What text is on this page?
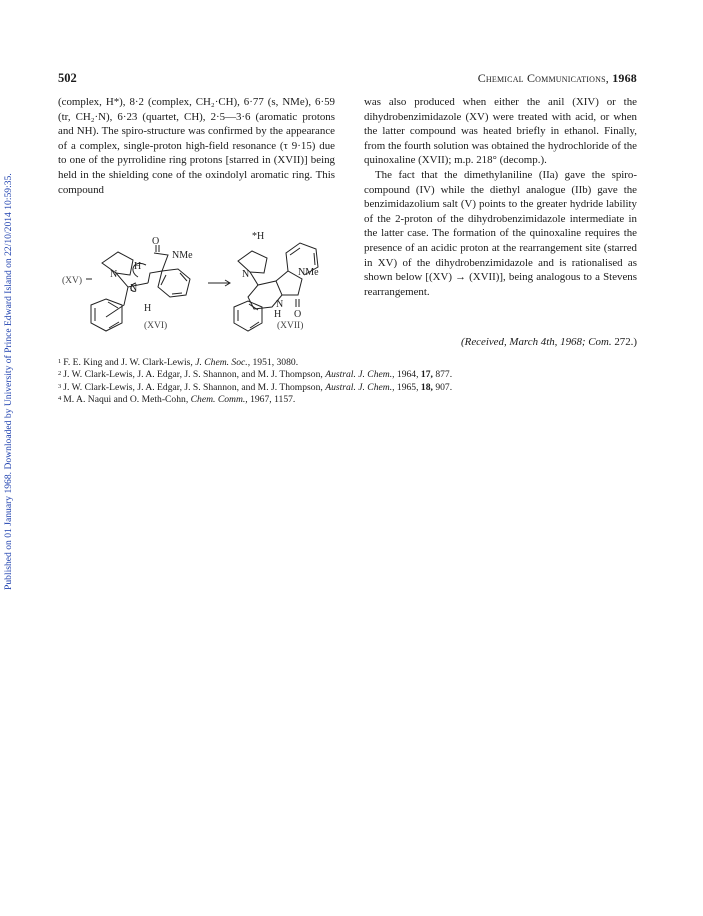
Published on 01 January 1968. Downloaded by University of Prince Edward Island on 22/10/2014 10:59:35.
502	Chemical Communications, 1968

(complex, H*), 8·2 (complex, CH₂·CH), 6·77 (s, NMe), 6·59 (tr, CH₂·N), 6·23 (quartet, CH), 2·5—3·6 (aromatic protons and NH). The spiro-structure was confirmed by the appearance of a complex, single-proton high-field resonance (τ 9·15) due to one of the pyrrolidine ring protons [starred in (XVII)] being held in the shielding cone of the oxindolyl aromatic ring. This compound

O
NMe
N
H
N
H
*H
N	NMe
N
H O
(XV)
(XVI)	(XVII)

was also produced when either the anil (XIV) or the dihydrobenzimidazole (XV) were treated with acid, or when the latter compound was heated briefly in ethanol. Finally, from the fourth solution was obtained the hydrochloride of the quinoxaline (XVII); m.p. 218° (decomp.).

The fact that the dimethylaniline (IIa) gave the spiro-compound (IV) while the diethyl analogue (IIb) gave the benzimidazolium salt (V) points to the greater hydride lability of the 2-proton of the dihydrobenzimidazole intermediate in the latter case. The formation of the quinoxaline requires the presence of an acidic proton at the rearrangement site (starred in XV) of the dihydrobenzimidazole and is rationalised as shown below [(XV) → (XVII)], being analogous to a Stevens rearrangement.

(Received, March 4th, 1968; Com. 272.)
$^1$ F. E. King and J. W. Clark-Lewis, J. Chem. Soc., 1951, 3080.
$^2$ J. W. Clark-Lewis, J. A. Edgar, J. S. Shannon, and M. J. Thompson, Austral. J. Chem., 1964, 17, 877.
$^3$ J. W. Clark-Lewis, J. A. Edgar, J. S. Shannon, and M. J. Thompson, Austral. J. Chem., 1965, 18, 907.
$^4$ M. A. Naqui and O. Meth-Cohn, Chem. Comm., 1967, 1157.
